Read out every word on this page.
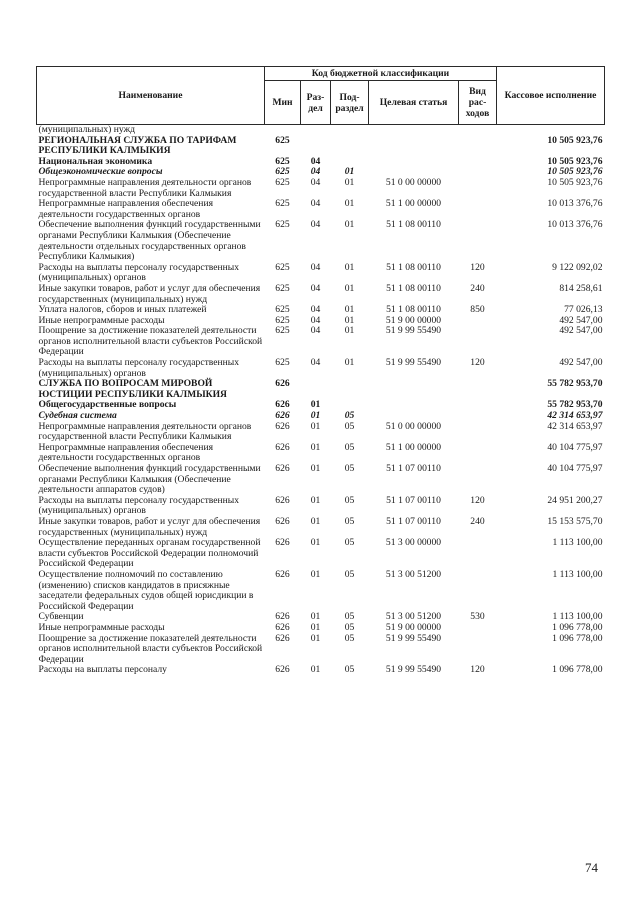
Наименование	Код бюджетной классификации					Кассовое исполнение
	Мин	Раз-дел	Под-раздел	Целевая статья	Вид рас-ходов	
(муниципальных) нужд						
РЕГИОНАЛЬНАЯ СЛУЖБА ПО ТАРИФАМ РЕСПУБЛИКИ КАЛМЫКИЯ	625					10 505 923,76
Национальная экономика	625	04				10 505 923,76
Общеэкономические вопросы	625	04	01			10 505 923,76
Непрограммные направления деятельности органов государственной власти Республики Калмыкия	625	04	01	51 0 00 00000		10 505 923,76
Непрограммные направления обеспечения деятельности государственных органов	625	04	01	51 1 00 00000		10 013 376,76
Обеспечение выполнения функций государственными органами Республики Калмыкия (Обеспечение деятельности отдельных государственных органов Республики Калмыкия)	625	04	01	51 1 08 00110		10 013 376,76
Расходы на выплаты персоналу государственных (муниципальных) органов	625	04	01	51 1 08 00110	120	9 122 092,02
Иные закупки товаров, работ и услуг для обеспечения государственных (муниципальных) нужд	625	04	01	51 1 08 00110	240	814 258,61
Уплата налогов, сборов и иных платежей	625	04	01	51 1 08 00110	850	77 026,13
Иные непрограммные расходы	625	04	01	51 9 00 00000		492 547,00
Поощрение за достижение показателей деятельности органов исполнительной власти субъектов Российской Федерации	625	04	01	51 9 99 55490		492 547,00
Расходы на выплаты персоналу государственных (муниципальных) органов	625	04	01	51 9 99 55490	120	492 547,00
СЛУЖБА ПО ВОПРОСАМ МИРОВОЙ ЮСТИЦИИ РЕСПУБЛИКИ КАЛМЫКИЯ	626					55 782 953,70
Общегосударственные вопросы	626	01				55 782 953,70
Судебная система	626	01	05			42 314 653,97
Непрограммные направления деятельности органов государственной власти Республики Калмыкия	626	01	05	51 0 00 00000		42 314 653,97
Непрограммные направления обеспечения деятельности государственных органов	626	01	05	51 1 00 00000		40 104 775,97
Обеспечение выполнения функций государственными органами Республики Калмыкия (Обеспечение деятельности аппаратов судов)	626	01	05	51 1 07 00110		40 104 775,97
Расходы на выплаты персоналу государственных (муниципальных) органов	626	01	05	51 1 07 00110	120	24 951 200,27
Иные закупки товаров, работ и услуг для обеспечения государственных (муниципальных) нужд	626	01	05	51 1 07 00110	240	15 153 575,70
Осуществление переданных органам государственной власти субъектов Российской Федерации полномочий Российской Федерации	626	01	05	51 3 00 00000		1 113 100,00
Осуществление полномочий по составлению (изменению) списков кандидатов в присяжные заседатели федеральных судов общей юрисдикции в Российской Федерации	626	01	05	51 3 00 51200		1 113 100,00
Субвенции	626	01	05	51 3 00 51200	530	1 113 100,00
Иные непрограммные расходы	626	01	05	51 9 00 00000		1 096 778,00
Поощрение за достижение показателей деятельности органов исполнительной власти субъектов Российской Федерации	626	01	05	51 9 99 55490		1 096 778,00
Расходы на выплаты персоналу	626	01	05	51 9 99 55490	120	1 096 778,00
74
